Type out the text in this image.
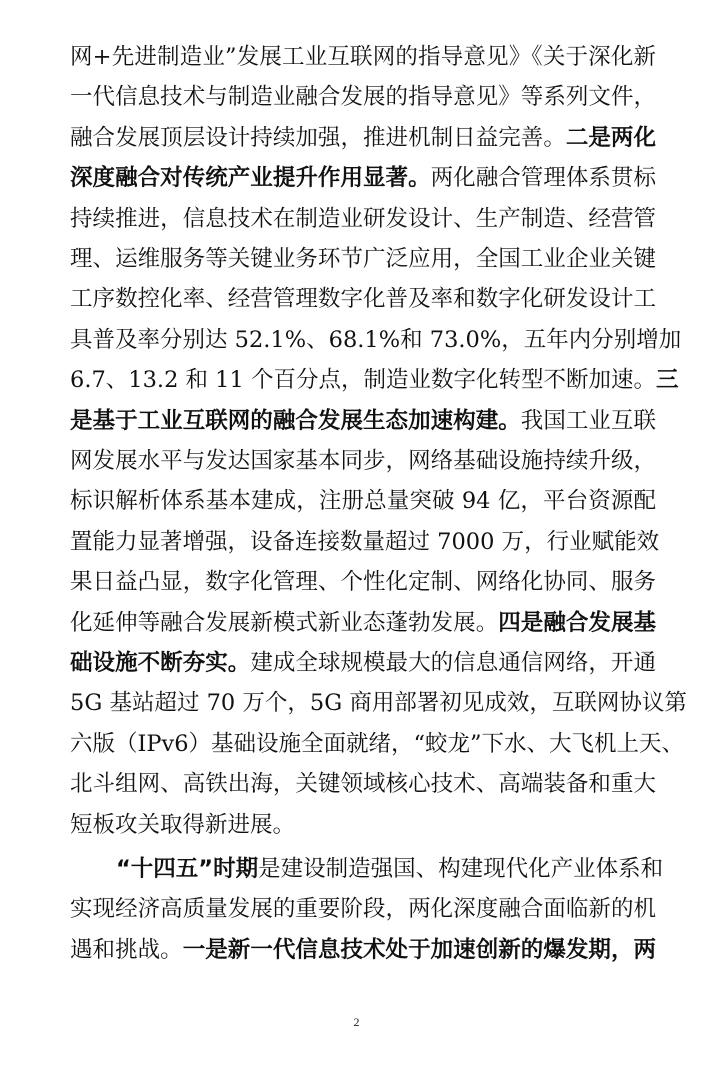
网+先进制造业”发展工业互联网的指导意见》《关于深化新
一代信息技术与制造业融合发展的指导意见》等系列文件，
融合发展顶层设计持续加强，推进机制日益完善。二是两化
深度融合对传统产业提升作用显著。两化融合管理体系贯标
持续推进，信息技术在制造业研发设计、生产制造、经营管
理、运维服务等关键业务环节广泛应用，全国工业企业关键
工序数控化率、经营管理数字化普及率和数字化研发设计工
具普及率分别达 52.1%、68.1%和 73.0%，五年内分别增加
6.7、13.2 和 11 个百分点，制造业数字化转型不断加速。三
是基于工业互联网的融合发展生态加速构建。我国工业互联
网发展水平与发达国家基本同步，网络基础设施持续升级，
标识解析体系基本建成，注册总量突破 94 亿，平台资源配
置能力显著增强，设备连接数量超过 7000 万，行业赋能效
果日益凸显，数字化管理、个性化定制、网络化协同、服务
化延伸等融合发展新模式新业态蓬勃发展。四是融合发展基
础设施不断夯实。建成全球规模最大的信息通信网络，开通
5G 基站超过 70 万个，5G 商用部署初见成效，互联网协议第
六版（IPv6）基础设施全面就绪，“蛟龙”下水、大飞机上天、
北斗组网、高铁出海，关键领域核心技术、高端装备和重大
短板攻关取得新进展。
“十四五”时期是建设制造强国、构建现代化产业体系和
实现经济高质量发展的重要阶段，两化深度融合面临新的机
遇和挑战。一是新一代信息技术处于加速创新的爆发期，两
2
